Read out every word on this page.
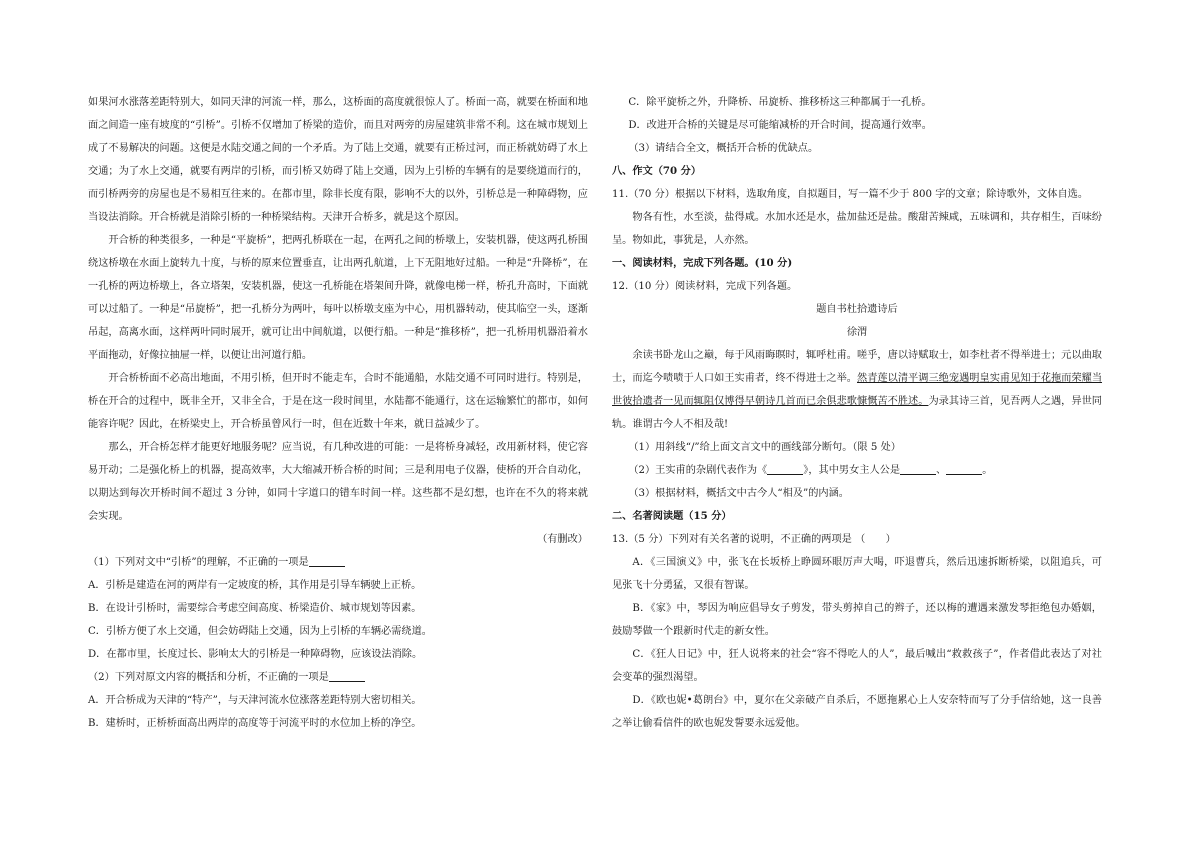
如果河水涨落差距特别大，如同天津的河流一样，那么，这桥面的高度就很惊人了。桥面一高，就要在桥面和地面之间造一座有坡度的“引桥”。引桥不仅增加了桥梁的造价，而且对两旁的房屋建筑非常不利。这在城市规划上成了不易解决的问题。这便是水陆交通之间的一个矛盾。为了陆上交通，就要有正桥过河，而正桥就妨碍了水上交通；为了水上交通，就要有两岸的引桥，而引桥又妨碍了陆上交通，因为上引桥的车辆有的是要绕道而行的，而引桥两旁的房屋也是不易相互往来的。在都市里，除非长度有限，影响不大的以外，引桥总是一种障碍物，应当设法消除。开合桥就是消除引桥的一种桥梁结构。天津开合桥多，就是这个原因。

开合桥的种类很多，一种是“平旋桥”，把两孔桥联在一起，在两孔之间的桥墩上，安装机器，使这两孔桥围绕这桥墩在水面上旋转九十度，与桥的原来位置垂直，让出两孔航道，上下无阻地好过船。一种是“升降桥”，在一孔桥的两边桥墩上，各立塔架，安装机器，使这一孔桥能在塔架间升降，就像电梯一样，桥孔升高时，下面就可以过船了。一种是“吊旋桥”，把一孔桥分为两叶，每叶以桥墩支座为中心，用机器转动，使其临空一头，逐渐吊起，高离水面，这样两叶同时展开，就可让出中间航道，以便行船。一种是“推移桥”，把一孔桥用机器沿着水平面拖动，好像拉抽屉一样，以便让出河道行船。

开合桥桥面不必高出地面，不用引桥，但开时不能走车，合时不能通船，水陆交通不可同时进行。特别是，桥在开合的过程中，既非全开，又非全合，于是在这一段时间里，水陆都不能通行，这在运输繁忙的都市，如何能容许呢？因此，在桥梁史上，开合桥虽曾风行一时，但在近数十年来，就日益减少了。

那么，开合桥怎样才能更好地服务呢？应当说，有几种改进的可能：一是将桥身减轻，改用新材料，使它容易开动；二是强化桥上的机器，提高效率，大大缩减开桥合桥的时间；三是利用电子仪器，使桥的开合自动化，以期达到每次开桥时间不超过 3 分钟，如同十字道口的错车时间一样。这些都不是幻想，也许在不久的将来就会实现。

（有删改）

（1）下列对文中“引桥”的理解，不正确的一项是

A．引桥是建造在河的两岸有一定坡度的桥，其作用是引导车辆驶上正桥。

B．在设计引桥时，需要综合考虑空间高度、桥梁造价、城市规划等因素。

C．引桥方便了水上交通，但会妨碍陆上交通，因为上引桥的车辆必需绕道。

D．在都市里，长度过长、影响太大的引桥是一种障碍物，应该设法消除。

（2）下列对原文内容的概括和分析，不正确的一项是

A．开合桥成为天津的“特产”，与天津河流水位涨落差距特别大密切相关。

B．建桥时，正桥桥面高出两岸的高度等于河流平时的水位加上桥的净空。

C．除平旋桥之外，升降桥、吊旋桥、推移桥这三种都属于一孔桥。

D．改进开合桥的关键是尽可能缩减桥的开合时间，提高通行效率。

（3）请结合全文，概括开合桥的优缺点。

八、作文（70 分）

11.（70 分）根据以下材料，选取角度，自拟题目，写一篇不少于 800 字的文章；除诗歌外，文体自选。

物各有性，水至淡，盐得咸。水加水还是水，盐加盐还是盐。酸甜苦辣咸，五味调和，共存相生，百味纷呈。物如此，事犹是，人亦然。

一、阅读材料，完成下列各题。(10 分)

12.（10 分）阅读材料，完成下列各题。

题自书杜拾遗诗后

徐渭

余读书卧龙山之巅，每于风雨晦暝时，辄呼杜甫。嗟乎，唐以诗赋取士，如李杜者不得举进士；元以曲取士，而迄今啧啧于人口如王实甫者，终不得进士之举。然青莲以清平调三绝宠遇明皇实甫见知于花拖而荣耀当世彼拾遗者一见而辄阻仅博得早朝诗几首而已余俱悲歌慷慨苦不胜述。为录其诗三首，见吾两人之遇，异世同轨。谁谓古今人不相及哉!

（1）用斜线“/”给上面文言文中的画线部分断句。（限 5 处）

（2）王实甫的杂剧代表作为《	》，其中男女主人公是	、	。

（3）根据材料，概括文中古今人“相及”的内涵。

二、名著阅读题（15 分）

13.（5 分）下列对有关名著的说明，不正确的两项是 （　　）

A．《三国演义》中，张飞在长坂桥上睁圆环眼厉声大喝，吓退曹兵，然后迅速拆断桥梁，以阻追兵，可见张飞十分勇猛，又很有智谋。

B．《家》中，琴因为响应倡导女子剪发，带头剪掉自己的辫子，还以梅的遭遇来激发琴拒绝包办婚姻，鼓励琴做一个跟新时代走的新女性。

C．《狂人日记》中，狂人说将来的社会“容不得吃人的人”，最后喊出“救救孩子”，作者借此表达了对社会变革的强烈渴望。

D．《欧也妮•葛朗台》中，夏尔在父亲破产自杀后，不愿拖累心上人安奈特而写了分手信给她，这一良善之举让偷看信件的欧也妮发誓要永远爱他。
